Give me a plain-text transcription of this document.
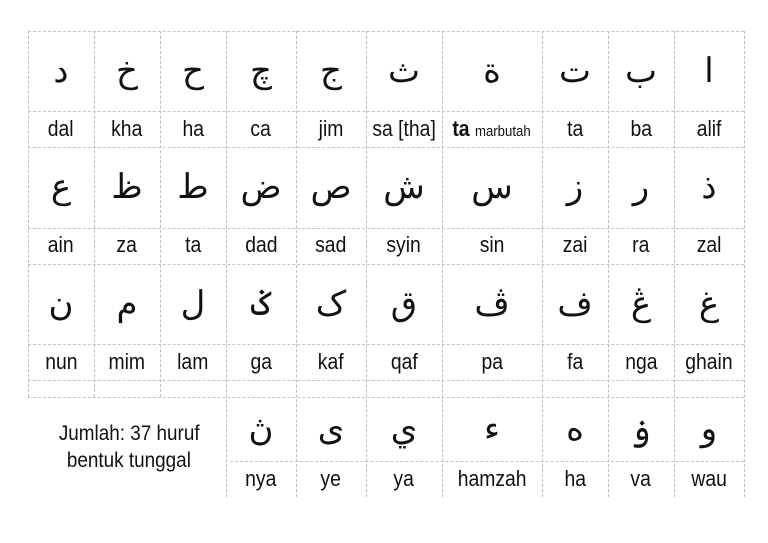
Jumlah: 37 huruf
bentuk tunggal
د
dal
خ
kha
ح
ha
چ
ca
ج
jim
ث
sa [tha]
ة
ta marbutah
ت
ta
ب
ba
ا
alif
ع
ain
ظ
za
ط
ta
ض
dad
ص
sad
ش
syin
س
sin
ز
zai
ر
ra
ذ
zal
ن
nun
م
mim
ل
lam
ݢ
ga
ک
kaf
ق
qaf
ڤ
pa
ف
fa
ڠ
nga
غ
ghain
ڽ
nya
ى
ye
ي
ya
ء
hamzah
ه
ha
ۏ
va
و
wau
